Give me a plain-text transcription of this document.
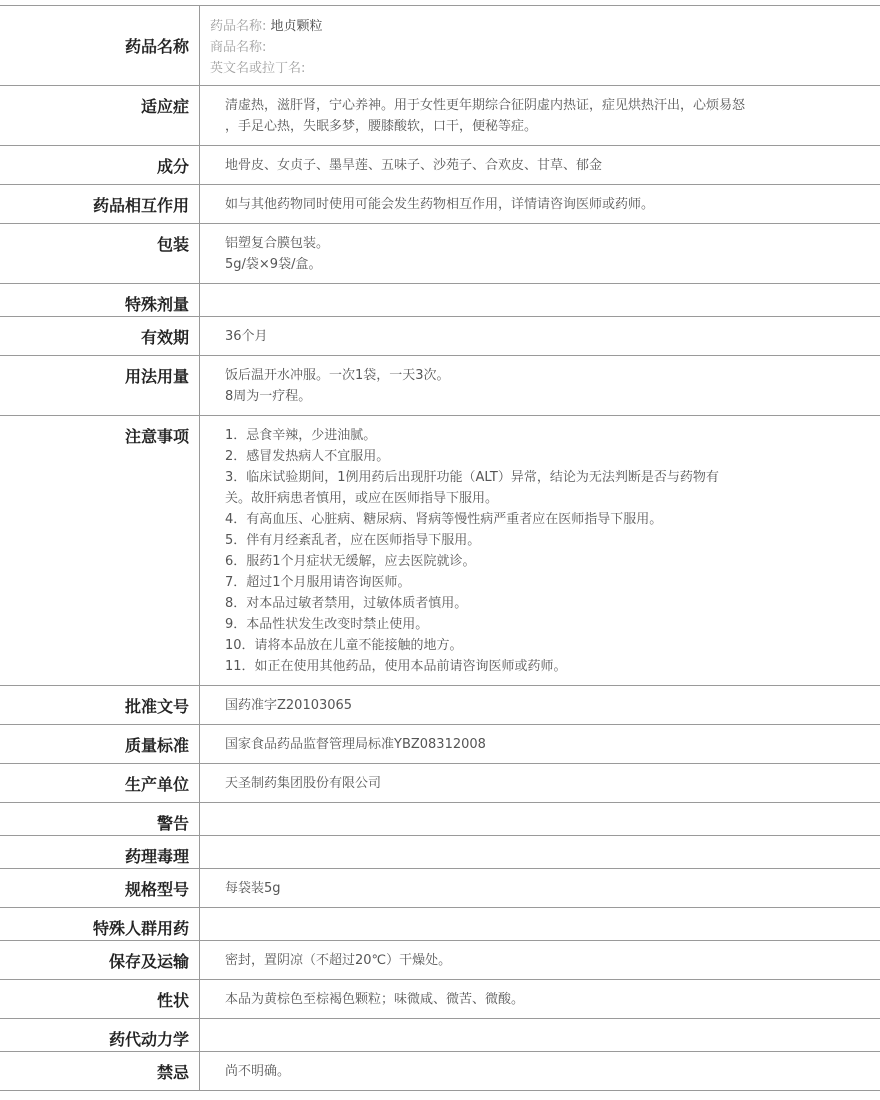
药品名称
药品名称: 地贞颗粒
商品名称:
英文名或拉丁名:
适应症	清虚热，滋肝肾，宁心养神。用于女性更年期综合征阴虚内热证，症见烘热汗出，心烦易怒
，手足心热，失眠多梦，腰膝酸软，口干，便秘等症。
成分	地骨皮、女贞子、墨旱莲、五味子、沙苑子、合欢皮、甘草、郁金
药品相互作用	如与其他药物同时使用可能会发生药物相互作用，详情请咨询医师或药师。
包装	铝塑复合膜包装。
5g/袋×9袋/盒。
特殊剂量
有效期	36个月
用法用量	饭后温开水冲服。一次1袋，一天3次。
8周为一疗程。
注意事项	1．忌食辛辣，少进油腻。
2．感冒发热病人不宜服用。
3．临床试验期间，1例用药后出现肝功能（ALT）异常，结论为无法判断是否与药物有
关。故肝病患者慎用，或应在医师指导下服用。
4．有高血压、心脏病、糖尿病、肾病等慢性病严重者应在医师指导下服用。
5．伴有月经紊乱者，应在医师指导下服用。
6．服药1个月症状无缓解，应去医院就诊。
7．超过1个月服用请咨询医师。
8．对本品过敏者禁用，过敏体质者慎用。
9．本品性状发生改变时禁止使用。
10．请将本品放在儿童不能接触的地方。
11．如正在使用其他药品，使用本品前请咨询医师或药师。
批准文号	国药准字Z20103065
质量标准	国家食品药品监督管理局标准YBZ08312008
生产单位	天圣制药集团股份有限公司
警告
药理毒理
规格型号	每袋装5g
特殊人群用药
保存及运输	密封，置阴凉（不超过20℃）干燥处。
性状	本品为黄棕色至棕褐色颗粒；味微咸、微苦、微酸。
药代动力学
禁忌	尚不明确。
